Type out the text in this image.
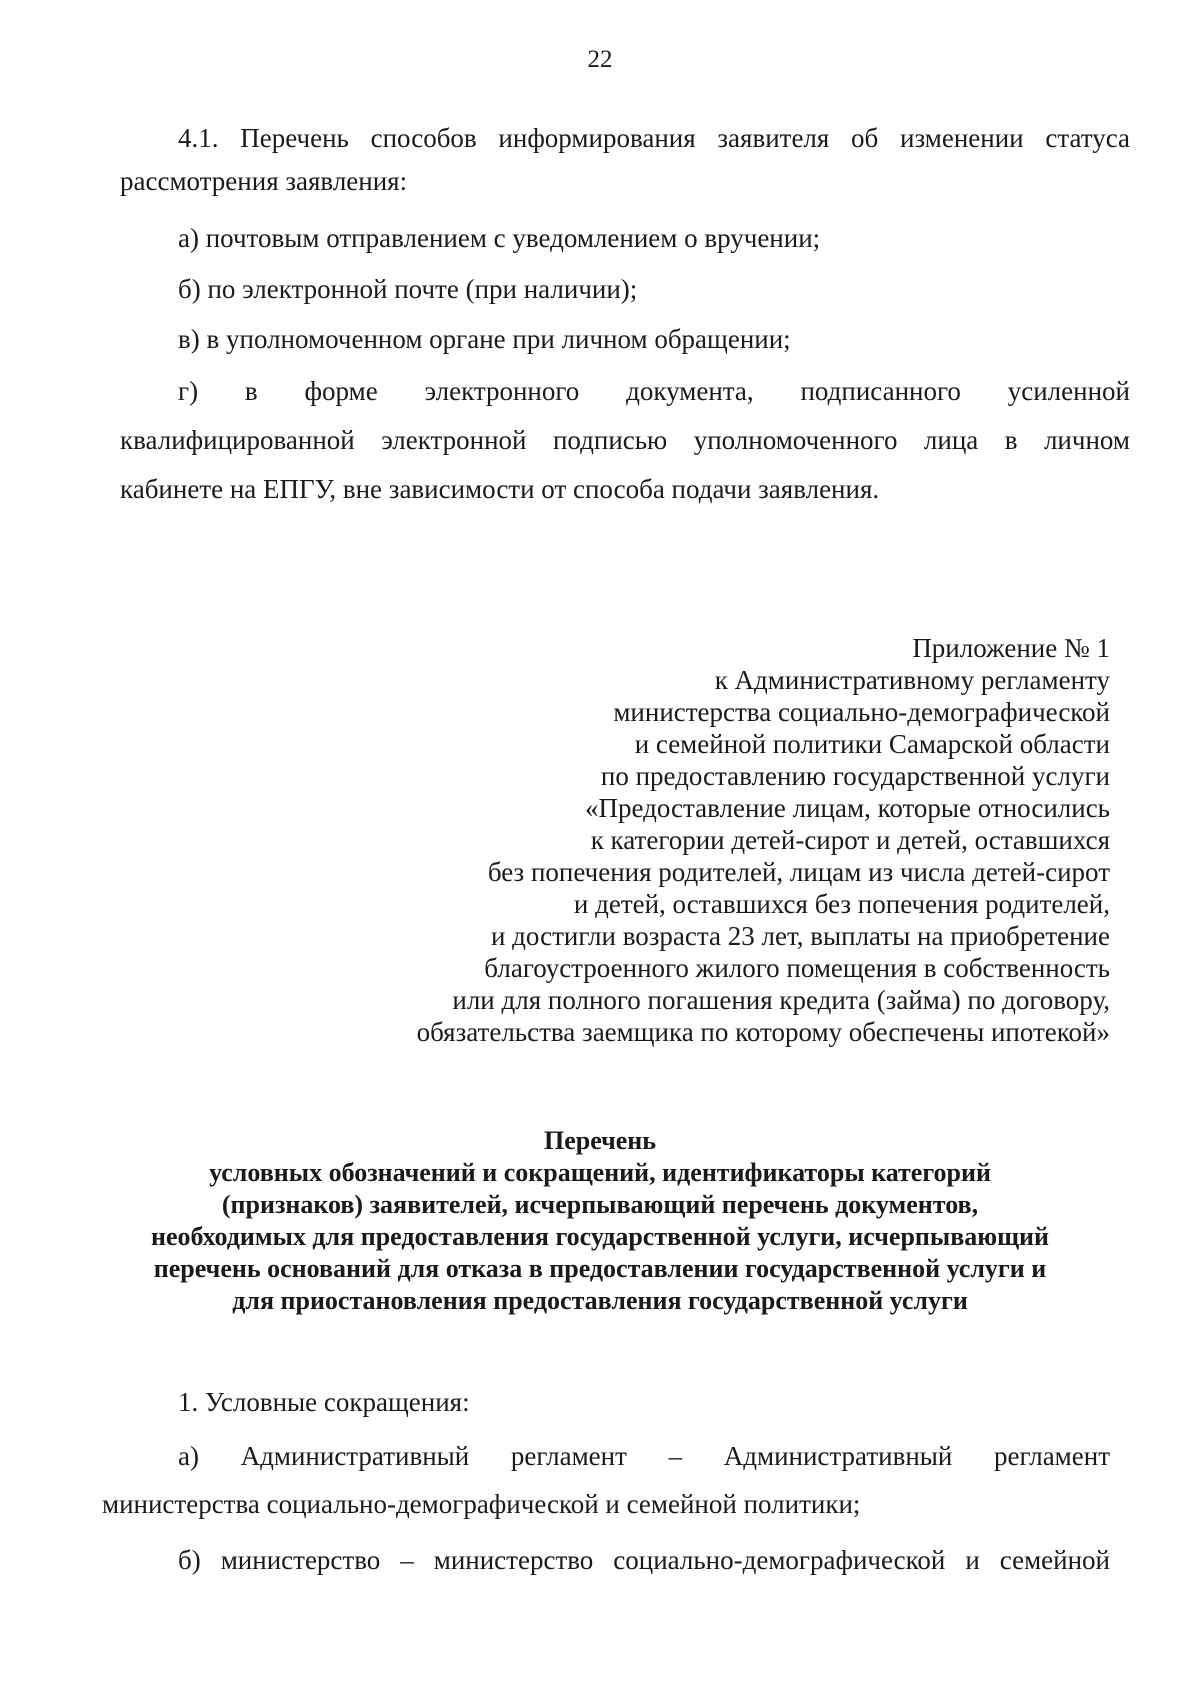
22
4.1. Перечень способов информирования заявителя об изменении статуса
рассмотрения заявления:
а) почтовым отправлением с уведомлением о вручении;
б) по электронной почте (при наличии);
в) в уполномоченном органе при личном обращении;
г) в форме электронного документа, подписанного усиленной
квалифицированной электронной подписью уполномоченного лица в личном
кабинете на ЕПГУ, вне зависимости от способа подачи заявления.
Приложение № 1
к Административному регламенту
министерства социально-демографической
и семейной политики Самарской области
по предоставлению государственной услуги
«Предоставление лицам, которые относились
к категории детей-сирот и детей, оставшихся
без попечения родителей, лицам из числа детей-сирот
и детей, оставшихся без попечения родителей,
и достигли возраста 23 лет, выплаты на приобретение
благоустроенного жилого помещения в собственность
или для полного погашения кредита (займа) по договору,
обязательства заемщика по которому обеспечены ипотекой»
Перечень
условных обозначений и сокращений, идентификаторы категорий
(признаков) заявителей, исчерпывающий перечень документов,
необходимых для предоставления государственной услуги, исчерпывающий
перечень оснований для отказа в предоставлении государственной услуги и
для приостановления предоставления государственной услуги
1. Условные сокращения:
а) Административный регламент – Административный регламент
министерства социально-демографической и семейной политики;
б) министерство – министерство социально-демографической и семейной
